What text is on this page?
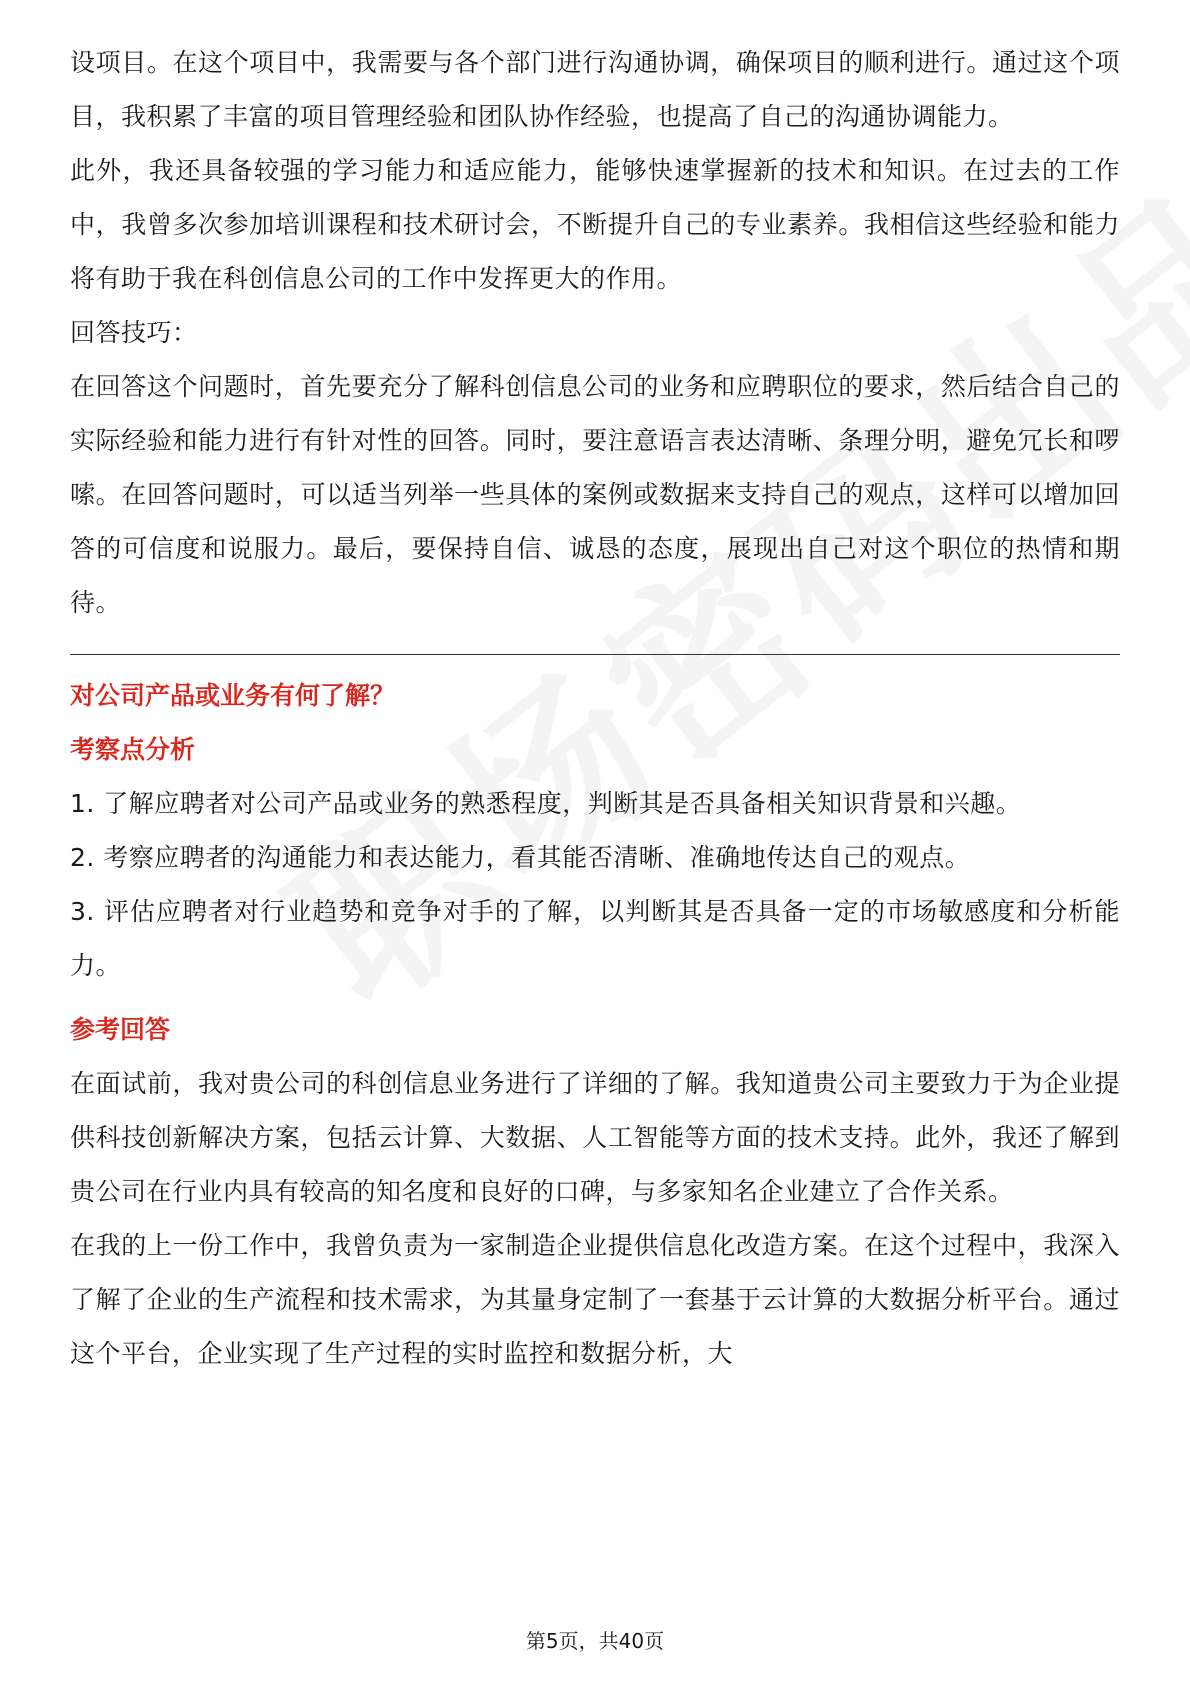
设项目。在这个项目中，我需要与各个部门进行沟通协调，确保项目的顺利进行。通过这个项目，我积累了丰富的项目管理经验和团队协作经验，也提高了自己的沟通协调能力。

此外，我还具备较强的学习能力和适应能力，能够快速掌握新的技术和知识。在过去的工作中，我曾多次参加培训课程和技术研讨会，不断提升自己的专业素养。我相信这些经验和能力将有助于我在科创信息公司的工作中发挥更大的作用。

回答技巧：

在回答这个问题时，首先要充分了解科创信息公司的业务和应聘职位的要求，然后结合自己的实际经验和能力进行有针对性的回答。同时，要注意语言表达清晰、条理分明，避免冗长和啰嗦。在回答问题时，可以适当列举一些具体的案例或数据来支持自己的观点，这样可以增加回答的可信度和说服力。最后，要保持自信、诚恳的态度，展现出自己对这个职位的热情和期待。

对公司产品或业务有何了解？

考察点分析

1. 了解应聘者对公司产品或业务的熟悉程度，判断其是否具备相关知识背景和兴趣。

2. 考察应聘者的沟通能力和表达能力，看其能否清晰、准确地传达自己的观点。

3. 评估应聘者对行业趋势和竞争对手的了解，以判断其是否具备一定的市场敏感度和分析能力。

参考回答

在面试前，我对贵公司的科创信息业务进行了详细的了解。我知道贵公司主要致力于为企业提供科技创新解决方案，包括云计算、大数据、人工智能等方面的技术支持。此外，我还了解到贵公司在行业内具有较高的知名度和良好的口碑，与多家知名企业建立了合作关系。

在我的上一份工作中，我曾负责为一家制造企业提供信息化改造方案。在这个过程中，我深入了解了企业的生产流程和技术需求，为其量身定制了一套基于云计算的大数据分析平台。通过这个平台，企业实现了生产过程的实时监控和数据分析，大

第5页，共40页
